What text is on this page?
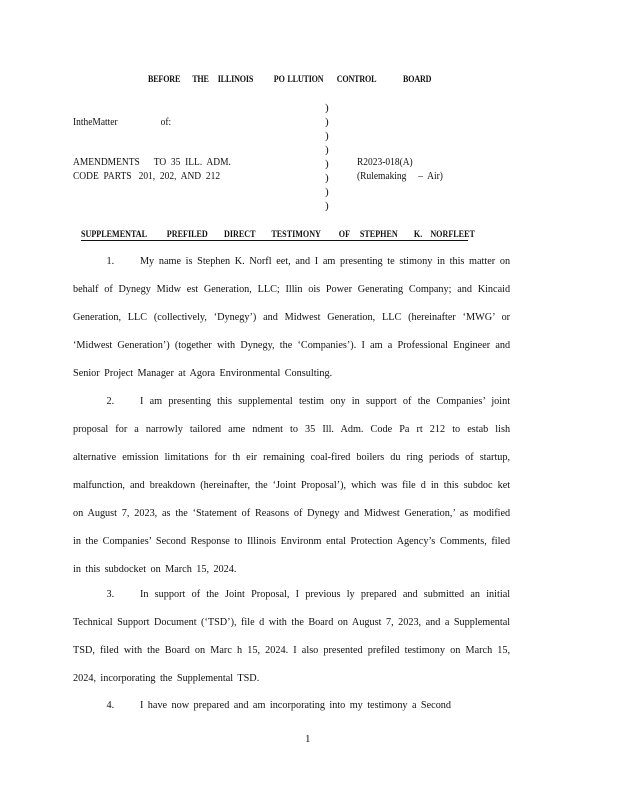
BEFORE THE ILLINOIS PO LLUTION CONTROL	BOARD
IntheMatter	of:
AMENDMENTS      TO  35  ILL.  ADM.
CODE  PARTS   201,  202,  AND  212
)
)
)
)
)
)
)
)
R2023-018(A)
(Rulemaking     –  Air)
SUPPLEMENTAL          PREFILED        DIRECT        TESTIMONY         OF     STEPHEN        K.    NORFLEET
1. My name is Stephen K. Norfl eet, and I am presenting te stimony in this matter on behalf of Dynegy Midw est Generation, LLC; Illin ois Power Generating Company; and Kincaid Generation, LLC (collectively, ‘Dynegy’) and Midwest Generation, LLC (hereinafter ‘MWG’ or ‘Midwest Generation’) (together with Dynegy, the ‘Companies’). I am a Professional Engineer and Senior Project Manager at Agora Environmental Consulting.
2. I am presenting this supplemental testim ony in support of the Companies’ joint proposal for a narrowly tailored ame ndment to 35 Ill. Adm. Code Pa rt 212 to estab lish alternative emission limitations for th eir remaining coal-fired boilers du ring periods of startup, malfunction, and breakdown (hereinafter, the ‘Joint Proposal’), which was file d in this subdoc ket on August 7, 2023, as the ‘Statement of Reasons of Dynegy and Midwest Generation,’ as modified in the Companies’ Second Response to Illinois Environm ental Protection Agency’s Comments, filed in this subdocket on March 15, 2024.
3. In support of the Joint Proposal, I previous ly prepared and submitted an initial Technical Support Document (‘TSD’), file d with the Board on August 7, 2023, and a Supplemental TSD, filed with the Board on Marc h 15, 2024. I also presented prefiled testimony on March 15, 2024, incorporating the Supplemental TSD.
4. I have now prepared and am incorporating into my testimony a Second
1
